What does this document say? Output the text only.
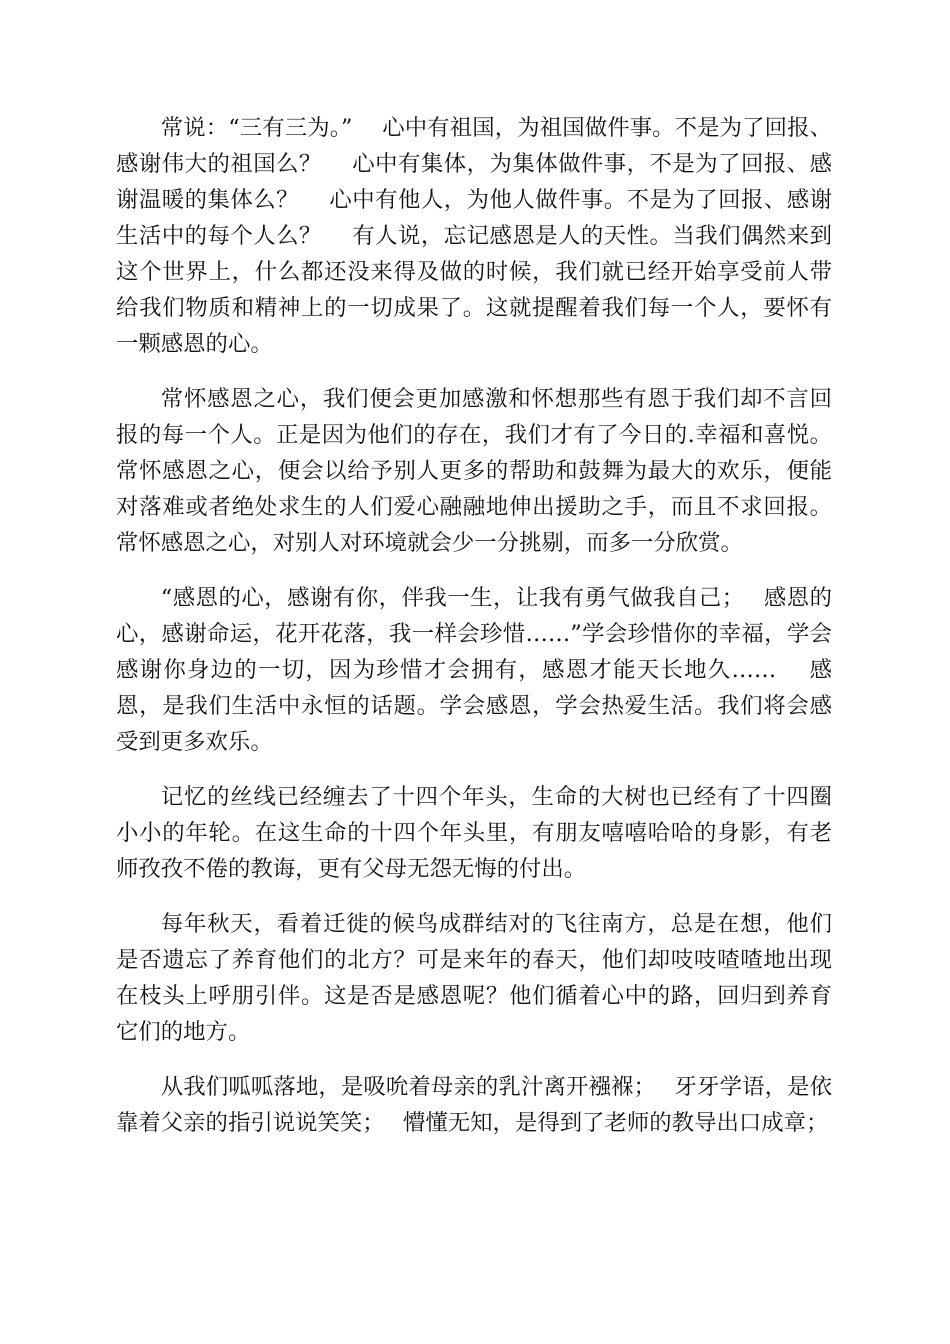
常说：“三有三为。”　 心中有祖国，为祖国做件事。不是为了回报、感谢伟大的祖国么？　 心中有集体，为集体做件事，不是为了回报、感谢温暖的集体么？　 心中有他人，为他人做件事。不是为了回报、感谢生活中的每个人么？　 有人说，忘记感恩是人的天性。当我们偶然来到这个世界上，什么都还没来得及做的时候，我们就已经开始享受前人带给我们物质和精神上的一切成果了。这就提醒着我们每一个人，要怀有一颗感恩的心。

常怀感恩之心，我们便会更加感激和怀想那些有恩于我们却不言回报的每一个人。正是因为他们的存在，我们才有了今日的.幸福和喜悦。常怀感恩之心，便会以给予别人更多的帮助和鼓舞为最大的欢乐，便能对落难或者绝处求生的人们爱心融融地伸出援助之手，而且不求回报。常怀感恩之心，对别人对环境就会少一分挑剔，而多一分欣赏。

“感恩的心，感谢有你，伴我一生，让我有勇气做我自己；　 感恩的心，感谢命运，花开花落，我一样会珍惜……”学会珍惜你的幸福，学会感谢你身边的一切，因为珍惜才会拥有，感恩才能天长地久……　 感恩，是我们生活中永恒的话题。学会感恩，学会热爱生活。我们将会感受到更多欢乐。

记忆的丝线已经缠去了十四个年头，生命的大树也已经有了十四圈小小的年轮。在这生命的十四个年头里，有朋友嘻嘻哈哈的身影，有老师孜孜不倦的教诲，更有父母无怨无悔的付出。

每年秋天，看着迁徙的候鸟成群结对的飞往南方，总是在想，他们是否遗忘了养育他们的北方？可是来年的春天，他们却吱吱喳喳地出现在枝头上呼朋引伴。这是否是感恩呢？他们循着心中的路，回归到养育它们的地方。

从我们呱呱落地，是吸吮着母亲的乳汁离开襁褓；　 牙牙学语，是依靠着父亲的指引说说笑笑；　 懵懂无知，是得到了老师的教导出口成章；
